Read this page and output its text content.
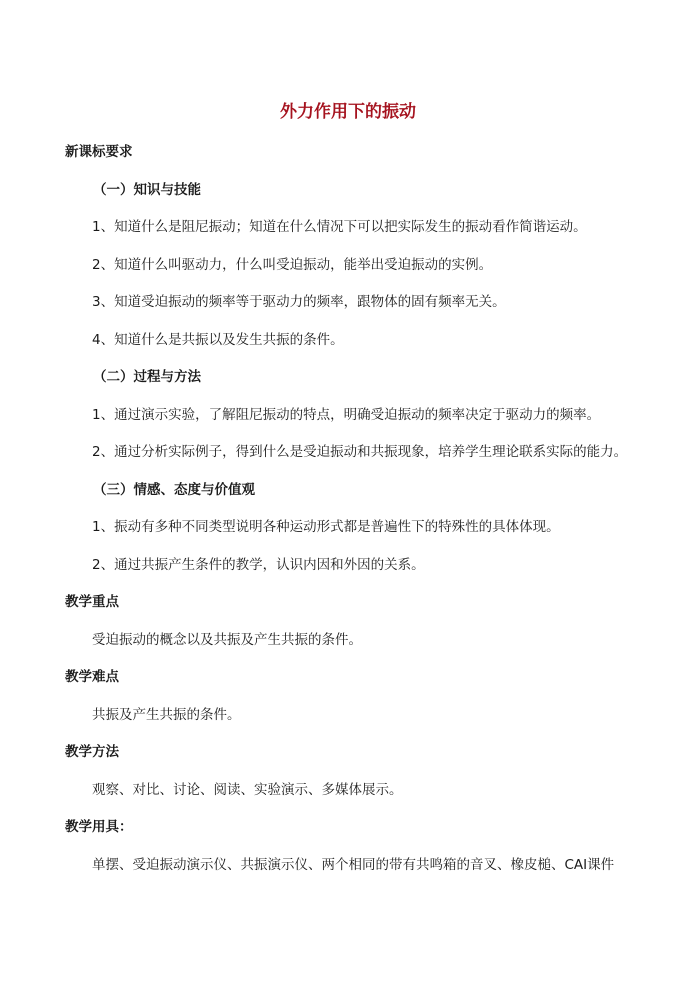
外力作用下的振动
新课标要求
（一）知识与技能
1、知道什么是阻尼振动；知道在什么情况下可以把实际发生的振动看作简谐运动。
2、知道什么叫驱动力，什么叫受迫振动，能举出受迫振动的实例。
3、知道受迫振动的频率等于驱动力的频率，跟物体的固有频率无关。
4、知道什么是共振以及发生共振的条件。
（二）过程与方法
1、通过演示实验，了解阻尼振动的特点，明确受迫振动的频率决定于驱动力的频率。
2、通过分析实际例子，得到什么是受迫振动和共振现象，培养学生理论联系实际的能力。
（三）情感、态度与价值观
1、振动有多种不同类型说明各种运动形式都是普遍性下的特殊性的具体体现。
2、通过共振产生条件的教学，认识内因和外因的关系。
教学重点
受迫振动的概念以及共振及产生共振的条件。
教学难点
共振及产生共振的条件。
教学方法
观察、对比、讨论、阅读、实验演示、多媒体展示。
教学用具：
单摆、受迫振动演示仪、共振演示仪、两个相同的带有共鸣箱的音叉、橡皮槌、CAI课件
